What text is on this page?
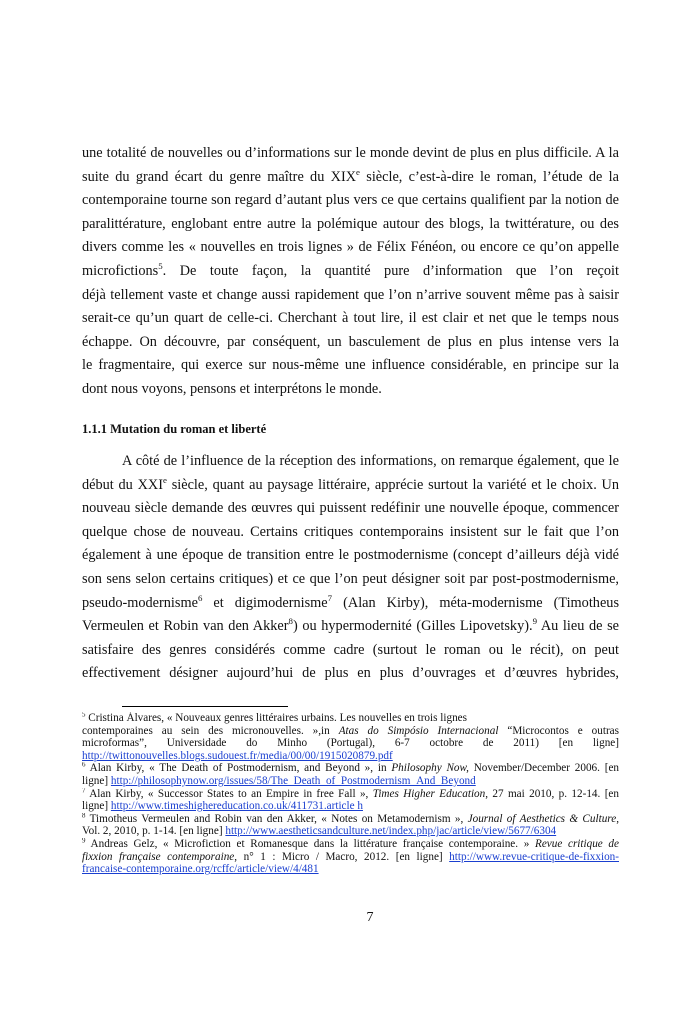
une totalité de nouvelles ou d’informations sur le monde devint de plus en plus difficile. A la
suite du grand écart du genre maître du XIXe siècle, c’est-à-dire le roman, l’étude de la
contemporaine tourne son regard d’autant plus vers ce que certains qualifient par la notion de
paralittérature, englobant entre autre la polémique autour des blogs, la twittérature, ou des
divers comme les « nouvelles en trois lignes » de Félix Fénéon, ou encore ce qu’on appelle
microfictions$^5$. De toute façon, la quantité pure d’information que l’on reçoit
déjà tellement vaste et change aussi rapidement que l’on n’arrive souvent même pas à saisir
serait-ce qu’un quart de celle-ci. Cherchant à tout lire, il est clair et net que le temps nous
échappe. On découvre, par conséquent, un basculement de plus en plus intense vers la
le fragmentaire, qui exerce sur nous-même une influence considérable, en principe sur la
dont nous voyons, pensons et interprétons le monde.
1.1.1 Mutation du roman et liberté
A côté de l’influence de la réception des informations, on remarque également, que le
début du XXIe siècle, quant au paysage littéraire, apprécie surtout la variété et le choix. Un
nouveau siècle demande des œuvres qui puissent redéfinir une nouvelle époque, commencer
quelque chose de nouveau. Certains critiques contemporains insistent sur le fait que l’on
également à une époque de transition entre le postmodernisme (concept d’ailleurs déjà vidé
son sens selon certains critiques) et ce que l’on peut désigner soit par post-postmodernisme,
pseudo-modernisme$^6$ et digimodernisme$^7$ (Alan Kirby), méta-modernisme (Timotheus
Vermeulen et Robin van den Akker$^8$) ou hypermodernité (Gilles Lipovetsky).$^9$ Au lieu de se
satisfaire des genres considérés comme cadre (surtout le roman ou le récit), on peut
effectivement désigner aujourd’hui de plus en plus d’ouvrages et d’œuvres hybrides,
$^5$ Cristina Álvares, « Nouveaux genres littéraires urbains. Les nouvelles en trois lignes
contemporaines au sein des micronouvelles. »,in Atas do Simpósio Internacional “Microcontos e outras
microformas”, Universidade do Minho (Portugal), 6-7 octobre de 2011) [en ligne]
http://twittonouvelles.blogs.sudouest.fr/media/00/00/1915020879.pdf
$^6$ Alan Kirby, « The Death of Postmodernism, and Beyond », in Philosophy Now, November/December 2006. [en
ligne] http://philosophynow.org/issues/58/The_Death_of_Postmodernism_And_Beyond
$^7$ Alan Kirby, « Successor States to an Empire in free Fall », Times Higher Education, 27 mai 2010, p. 12-14. [en
ligne] http://www.timeshighereducation.co.uk/411731.article h
$^8$ Timotheus Vermeulen and Robin van den Akker, « Notes on Metamodernism », Journal of Aesthetics & Culture,
Vol. 2, 2010, p. 1-14. [en ligne] http://www.aestheticsandculture.net/index.php/jac/article/view/5677/6304
$^9$ Andreas Gelz, « Microfiction et Romanesque dans la littérature française contemporaine. » Revue critique de
fixxion française contemporaine, n° 1 : Micro / Macro, 2012. [en ligne] http://www.revue-critique-de-fixxion-
francaise-contemporaine.org/rcffc/article/view/4/481
7
